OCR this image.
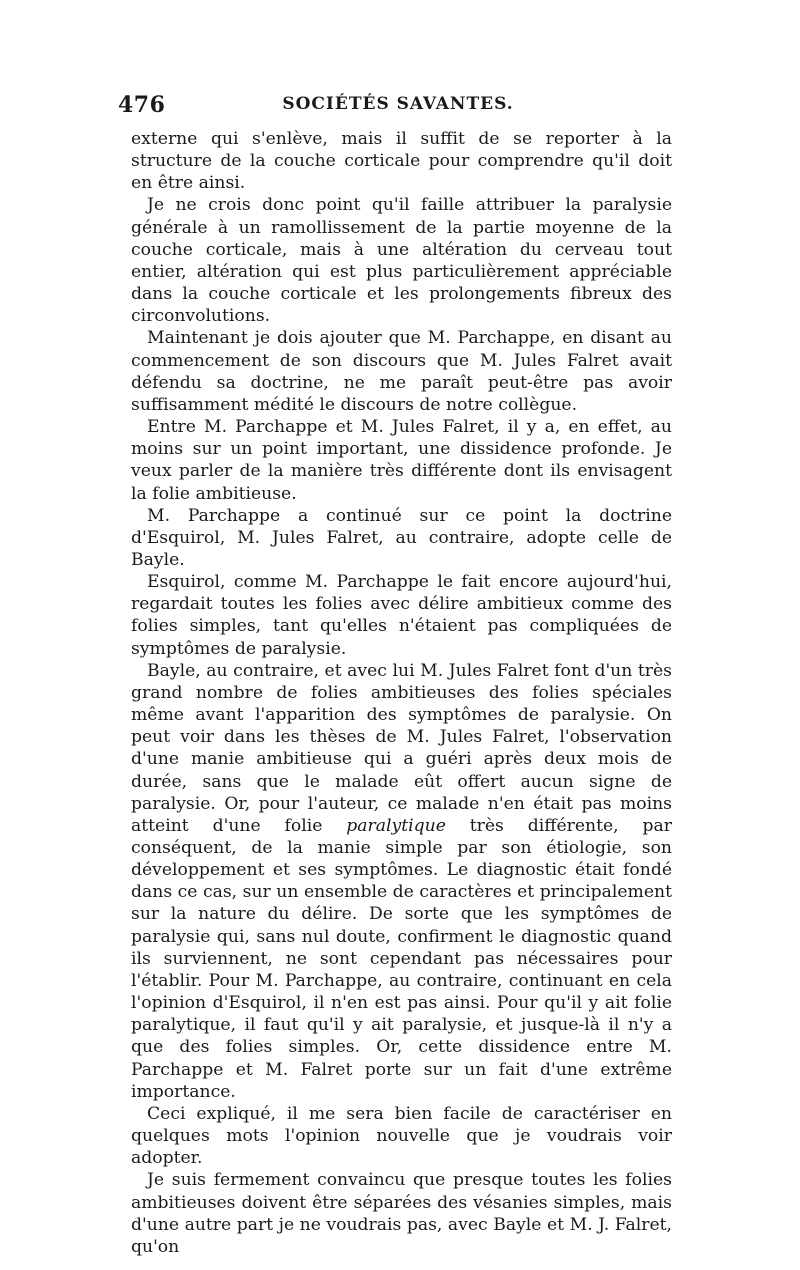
476	SOCIÉTÉS SAVANTES.

externe qui s'enlève, mais il suffit de se reporter à la structure de la couche corticale pour comprendre qu'il doit en être ainsi.

Je ne crois donc point qu'il faille attribuer la paralysie générale à un ramollissement de la partie moyenne de la couche corticale, mais à une altération du cerveau tout entier, altération qui est plus particulièrement appréciable dans la couche corticale et les prolongements fibreux des circonvolutions.

Maintenant je dois ajouter que M. Parchappe, en disant au commencement de son discours que M. Jules Falret avait défendu sa doctrine, ne me paraît peut-être pas avoir suffisamment médité le discours de notre collègue.

Entre M. Parchappe et M. Jules Falret, il y a, en effet, au moins sur un point important, une dissidence profonde. Je veux parler de la manière très différente dont ils envisagent la folie ambitieuse.

M. Parchappe a continué sur ce point la doctrine d'Esquirol, M. Jules Falret, au contraire, adopte celle de Bayle.

Esquirol, comme M. Parchappe le fait encore aujourd'hui, regardait toutes les folies avec délire ambitieux comme des folies simples, tant qu'elles n'étaient pas compliquées de symptômes de paralysie.

Bayle, au contraire, et avec lui M. Jules Falret font d'un très grand nombre de folies ambitieuses des folies spéciales même avant l'apparition des symptômes de paralysie. On peut voir dans les thèses de M. Jules Falret, l'observation d'une manie ambitieuse qui a guéri après deux mois de durée, sans que le malade eût offert aucun signe de paralysie. Or, pour l'auteur, ce malade n'en était pas moins atteint d'une folie paralytique très différente, par conséquent, de la manie simple par son étiologie, son développement et ses symptômes. Le diagnostic était fondé dans ce cas, sur un ensemble de caractères et principalement sur la nature du délire. De sorte que les symptômes de paralysie qui, sans nul doute, confirment le diagnostic quand ils surviennent, ne sont cependant pas nécessaires pour l'établir. Pour M. Parchappe, au contraire, continuant en cela l'opinion d'Esquirol, il n'en est pas ainsi. Pour qu'il y ait folie paralytique, il faut qu'il y ait paralysie, et jusque-là il n'y a que des folies simples. Or, cette dissidence entre M. Parchappe et M. Falret porte sur un fait d'une extrême importance.

Ceci expliqué, il me sera bien facile de caractériser en quelques mots l'opinion nouvelle que je voudrais voir adopter.

Je suis fermement convaincu que presque toutes les folies ambitieuses doivent être séparées des vésanies simples, mais d'une autre part je ne voudrais pas, avec Bayle et M. J. Falret, qu'on
